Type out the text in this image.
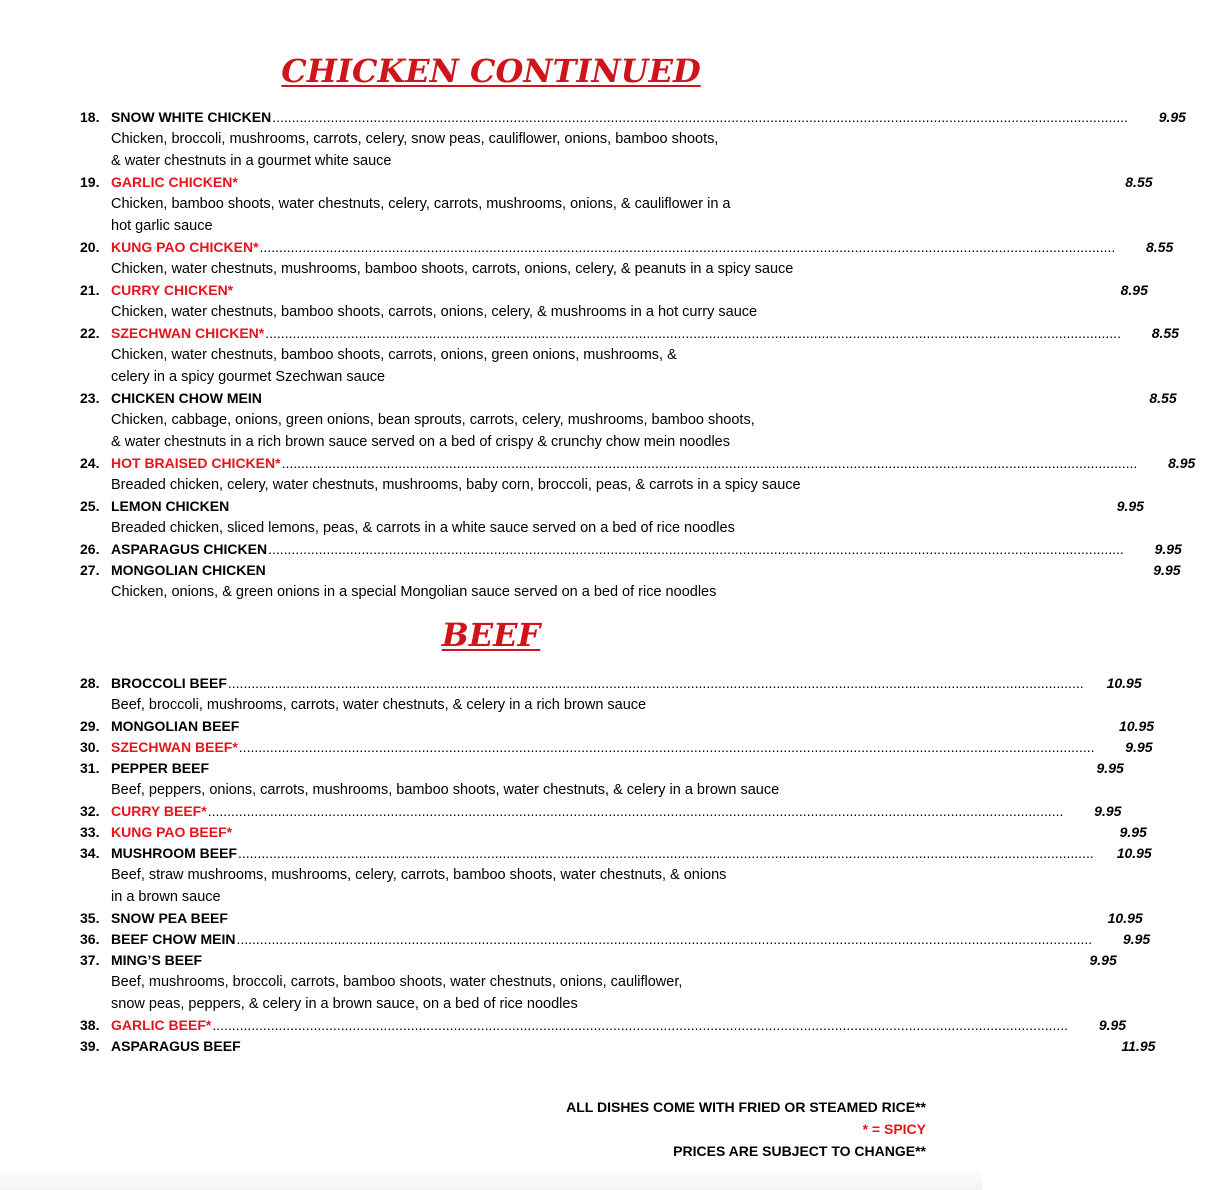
CHICKEN CONTINUED
18. SNOW WHITE CHICKEN ............................................................................................................................................................................................................................	9.95
Chicken, broccoli, mushrooms, carrots, celery, snow peas, cauliflower, onions, bamboo shoots,
& water chestnuts in a gourmet white sauce
19. GARLIC CHICKEN*	8.55
Chicken, bamboo shoots, water chestnuts, celery, carrots, mushrooms, onions, & cauliflower in a
hot garlic sauce
20. KUNG PAO CHICKEN* ............................................................................................................................................................................................................................	8.55
Chicken, water chestnuts, mushrooms, bamboo shoots, carrots, onions, celery, & peanuts in a spicy sauce
21. CURRY CHICKEN*	8.95
Chicken, water chestnuts, bamboo shoots, carrots, onions, celery, & mushrooms in a hot curry sauce
22. SZECHWAN CHICKEN* ............................................................................................................................................................................................................................	8.55
Chicken, water chestnuts, bamboo shoots, carrots, onions, green onions, mushrooms, &
celery in a spicy gourmet Szechwan sauce
23. CHICKEN CHOW MEIN	8.55
Chicken, cabbage, onions, green onions, bean sprouts, carrots, celery, mushrooms, bamboo shoots,
& water chestnuts in a rich brown sauce served on a bed of crispy & crunchy chow mein noodles
24. HOT BRAISED CHICKEN* ............................................................................................................................................................................................................................	8.95
Breaded chicken, celery, water chestnuts, mushrooms, baby corn, broccoli, peas, & carrots in a spicy sauce
25. LEMON CHICKEN	9.95
Breaded chicken, sliced lemons, peas, & carrots in a white sauce served on a bed of rice noodles
26. ASPARAGUS CHICKEN ............................................................................................................................................................................................................................	9.95
27. MONGOLIAN CHICKEN	9.95
Chicken, onions, & green onions in a special Mongolian sauce served on a bed of rice noodles
BEEF
28. BROCCOLI BEEF ............................................................................................................................................................................................................................	10.95
Beef, broccoli, mushrooms, carrots, water chestnuts, & celery in a rich brown sauce
29. MONGOLIAN BEEF	10.95
30. SZECHWAN BEEF* ............................................................................................................................................................................................................................	9.95
31. PEPPER BEEF	9.95
Beef, peppers, onions, carrots, mushrooms, bamboo shoots, water chestnuts, & celery in a brown sauce
32. CURRY BEEF* ............................................................................................................................................................................................................................	9.95
33. KUNG PAO BEEF*	9.95
34. MUSHROOM BEEF ............................................................................................................................................................................................................................	10.95
Beef, straw mushrooms, mushrooms, celery, carrots, bamboo shoots, water chestnuts, & onions
in a brown sauce
35. SNOW PEA BEEF	10.95
36. BEEF CHOW MEIN ............................................................................................................................................................................................................................	9.95
37. MING’S BEEF	9.95
Beef, mushrooms, broccoli, carrots, bamboo shoots, water chestnuts, onions, cauliflower,
snow peas, peppers, & celery in a brown sauce, on a bed of rice noodles
38. GARLIC BEEF* ............................................................................................................................................................................................................................	9.95
39. ASPARAGUS BEEF	11.95
ALL DISHES COME WITH FRIED OR STEAMED RICE**
* = SPICY
PRICES ARE SUBJECT TO CHANGE**
